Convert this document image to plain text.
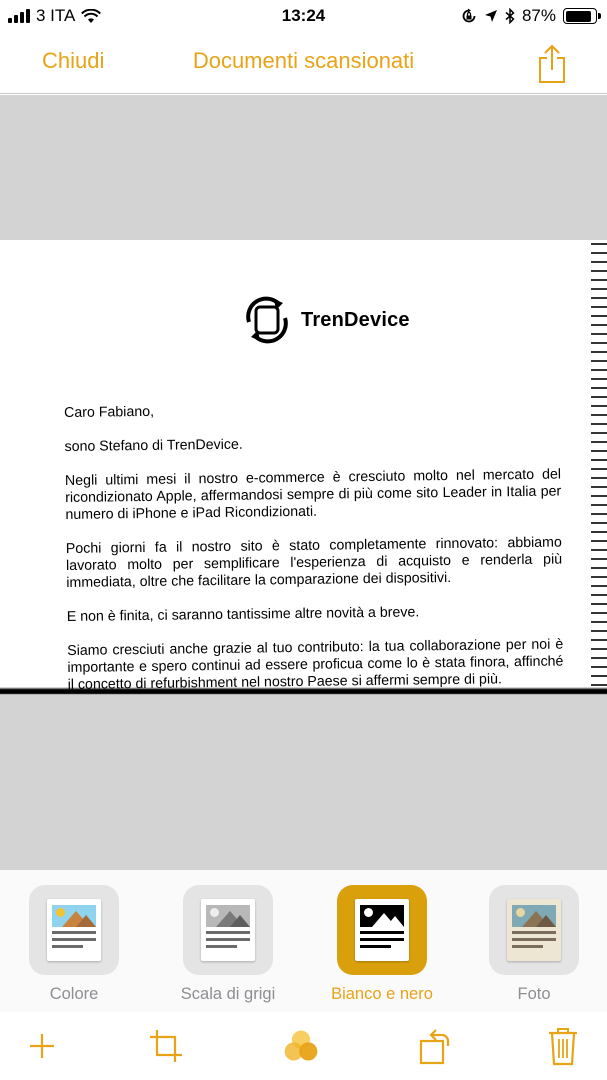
3 ITA	13:24	87%
Chiudi	Documenti scansionati
TrenDevice

Caro Fabiano,

sono Stefano di TrenDevice.

Negli ultimi mesi il nostro e-commerce è cresciuto molto nel mercato del ricondizionato Apple, affermandosi sempre di più come sito Leader in Italia per numero di iPhone e iPad Ricondizionati.

Pochi giorni fa il nostro sito è stato completamente rinnovato: abbiamo lavorato molto per semplificare l'esperienza di acquisto e renderla più immediata, oltre che facilitare la comparazione dei dispositivi.

E non è finita, ci saranno tantissime altre novità a breve.

Siamo cresciuti anche grazie al tuo contributo: la tua collaborazione per noi è importante e spero continui ad essere proficua come lo è stata finora, affinché il concetto di refurbishment nel nostro Paese si affermi sempre di più.

Colore	Scala di grigi	Bianco e nero	Foto
